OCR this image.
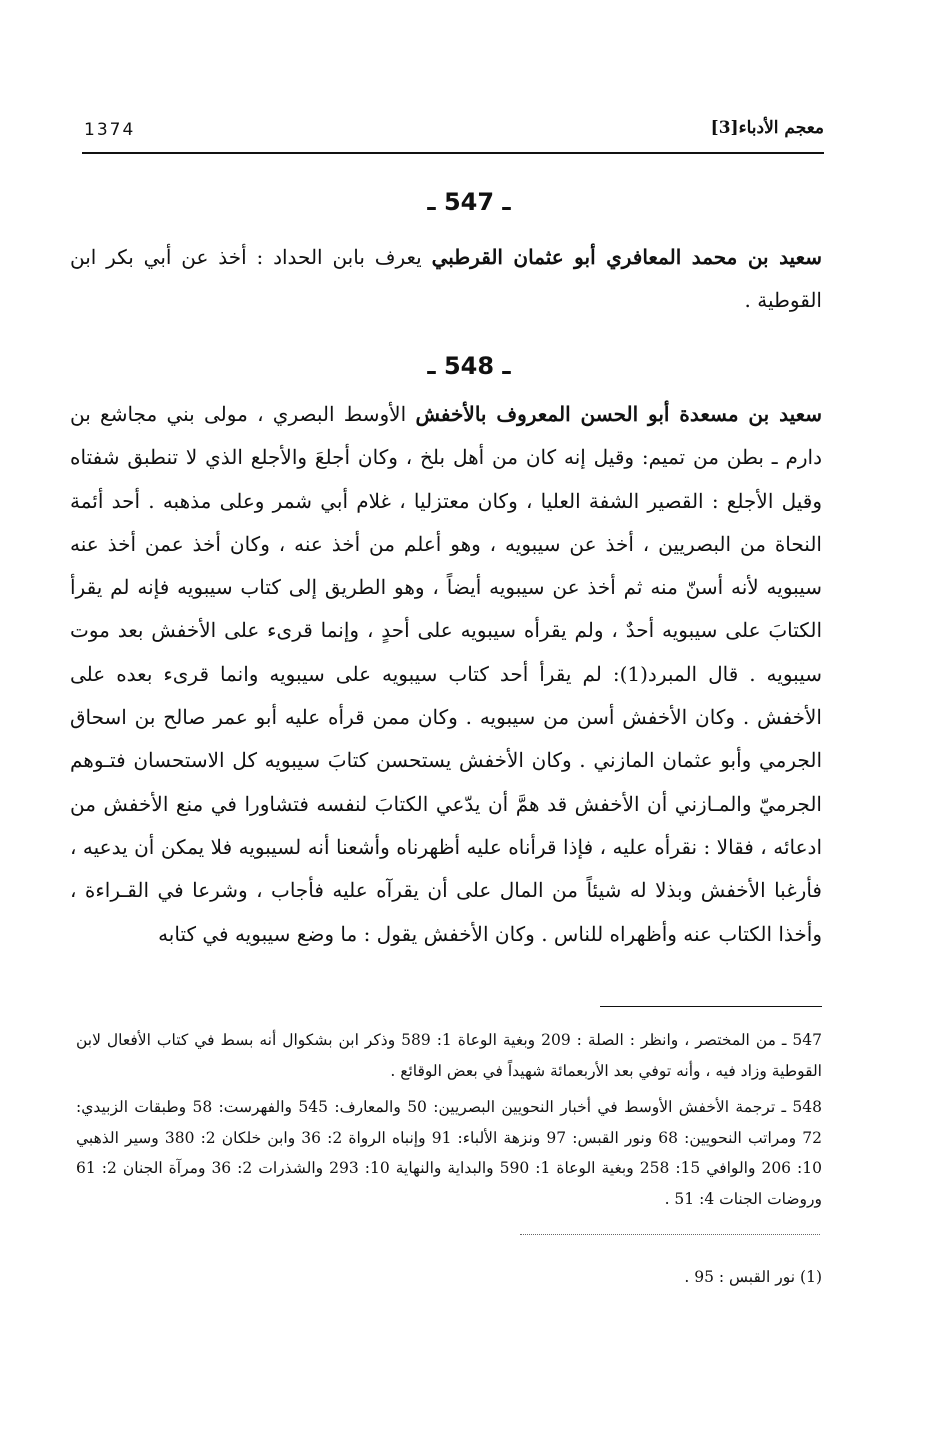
معجم الأدباء[3]
1374
ـ 547 ـ
سعيد بن محمد المعافري أبو عثمان القرطبي يعرف بابن الحداد : أخذ عن أبي بكر ابن القوطية .
ـ 548 ـ
سعيد بن مسعدة أبو الحسن المعروف بالأخفش الأوسط البصري ، مولى بني مجاشع بن دارم ـ بطن من تميم: وقيل إنه كان من أهل بلخ ، وكان أجلعَ والأجلع الذي لا تنطبق شفتاه وقيل الأجلع : القصير الشفة العليا ، وكان معتزليا ، غلام أبي شمر وعلى مذهبه . أحد أئمة النحاة من البصريين ، أخذ عن سيبويه ، وهو أعلم من أخذ عنه ، وكان أخذ عمن أخذ عنه سيبويه لأنه أسنّ منه ثم أخذ عن سيبويه أيضاً ، وهو الطريق إلى كتاب سيبويه فإنه لم يقرأ الكتابَ على سيبويه أحدٌ ، ولم يقرأه سيبويه على أحدٍ ، وإنما قرىء على الأخفش بعد موت سيبويه . قال المبرد(1): لم يقرأ أحد كتاب سيبويه على سيبويه وانما قرىء بعده على الأخفش . وكان الأخفش أسن من سيبويه . وكان ممن قرأه عليه أبو عمر صالح بن اسحاق الجرمي وأبو عثمان المازني . وكان الأخفش يستحسن كتابَ سيبويه كل الاستحسان فتـوهم الجرميّ والمـازني أن الأخفش قد همَّ أن يدّعي الكتابَ لنفسه فتشاورا في منع الأخفش من ادعائه ، فقالا : نقرأه عليه ، فإذا قرأناه عليه أظهرناه وأشعنا أنه لسيبويه فلا يمكن أن يدعيه ، فأرغبا الأخفش وبذلا له شيئاً من المال على أن يقرآه عليه فأجاب ، وشرعا في القـراءة ، وأخذا الكتاب عنه وأظهراه للناس . وكان الأخفش يقول : ما وضع سيبويه في كتابه
547 ـ من المختصر ، وانظر : الصلة : 209 وبغية الوعاة 1: 589 وذكر ابن بشكوال أنه بسط في كتاب الأفعال لابن القوطية وزاد فيه ، وأنه توفي بعد الأربعمائة شهيداً في بعض الوقائع .
548 ـ ترجمة الأخفش الأوسط في أخبار النحويين البصريين: 50 والمعارف: 545 والفهرست: 58 وطبقات الزبيدي: 72 ومراتب النحويين: 68 ونور القبس: 97 ونزهة الألباء: 91 وإنباه الرواة 2: 36 وابن خلكان 2: 380 وسير الذهبي 10: 206 والوافي 15: 258 وبغية الوعاة 1: 590 والبداية والنهاية 10: 293 والشذرات 2: 36 ومرآة الجنان 2: 61 وروضات الجنات 4: 51 .
(1) نور القبس : 95 .
